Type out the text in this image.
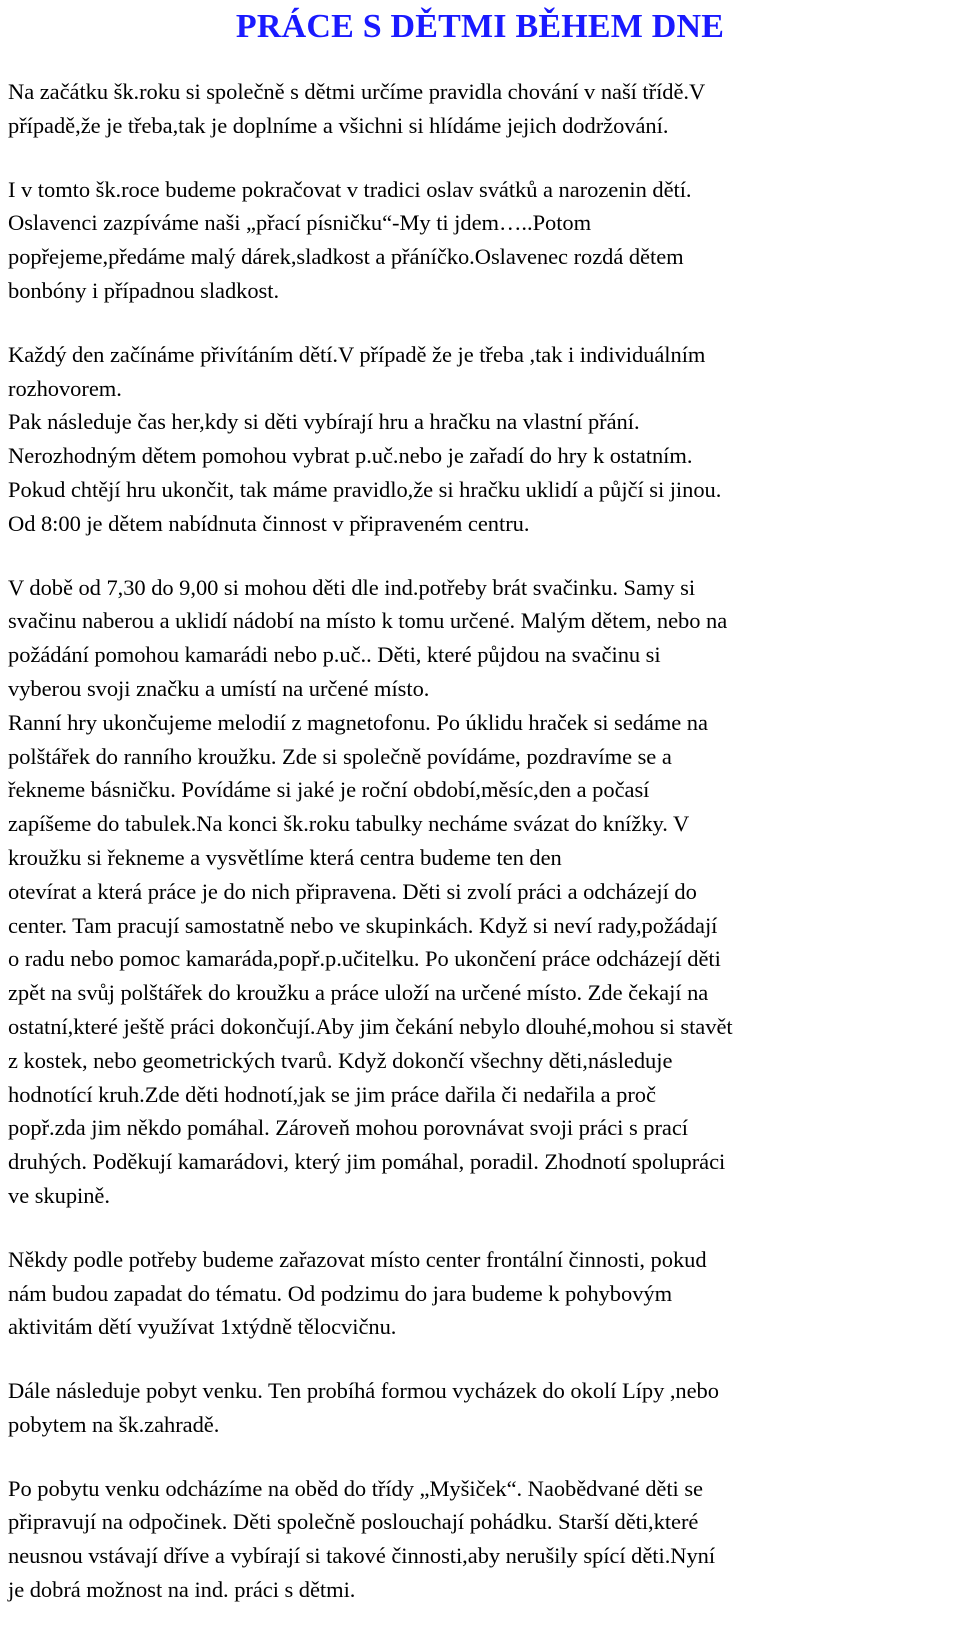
PRÁCE S DĚTMI BĚHEM DNE

Na začátku šk.roku si společně s dětmi určíme pravidla chování v naší třídě.V
případě,že je třeba,tak je doplníme a všichni si hlídáme jejich dodržování.

I v tomto šk.roce budeme pokračovat v tradici oslav svátků a narozenin dětí.
Oslavenci zazpíváme naši „přací písničku“-My ti jdem…..Potom
popřejeme,předáme malý dárek,sladkost a přáníčko.Oslavenec rozdá dětem
bonbóny i případnou sladkost.

Každý den začínáme přivítáním dětí.V případě že je třeba ,tak i individuálním
rozhovorem.
Pak následuje čas her,kdy si děti vybírají hru a hračku na vlastní přání.
Nerozhodným dětem pomohou vybrat p.uč.nebo je zařadí do hry k ostatním.
Pokud chtějí hru ukončit, tak máme pravidlo,že si hračku uklidí a půjčí si jinou.
Od 8:00 je dětem nabídnuta činnost v připraveném centru.

V době od 7,30 do 9,00 si mohou děti dle ind.potřeby brát svačinku. Samy si
svačinu naberou a uklidí nádobí na místo k tomu určené. Malým dětem, nebo na
požádání pomohou kamarádi nebo p.uč.. Děti, které půjdou na svačinu si
vyberou svoji značku a umístí na určené místo.
Ranní hry ukončujeme melodií z magnetofonu. Po úklidu hraček si sedáme na
polštářek do ranního kroužku. Zde si společně povídáme, pozdravíme se a
řekneme básničku. Povídáme si jaké je roční období,měsíc,den a počasí
zapíšeme do tabulek.Na konci šk.roku tabulky necháme svázat do knížky. V
kroužku si řekneme a vysvětlíme která centra budeme ten den
otevírat a která práce je do nich připravena. Děti si zvolí práci a odcházejí do
center. Tam pracují samostatně nebo ve skupinkách. Když si neví rady,požádají
o radu nebo pomoc kamaráda,popř.p.učitelku. Po ukončení práce odcházejí děti
zpět na svůj polštářek do kroužku a práce uloží na určené místo. Zde čekají na
ostatní,které ještě práci dokončují.Aby jim čekání nebylo dlouhé,mohou si stavět
z kostek, nebo geometrických tvarů. Když dokončí všechny děti,následuje
hodnotící kruh.Zde děti hodnotí,jak se jim práce dařila či nedařila a proč
popř.zda jim někdo pomáhal. Zároveň mohou porovnávat svoji práci s prací
druhých. Poděkují kamarádovi, který jim pomáhal, poradil. Zhodnotí spolupráci
ve skupině.

Někdy podle potřeby budeme zařazovat místo center frontální činnosti, pokud
nám budou zapadat do tématu. Od podzimu do jara budeme k pohybovým
aktivitám dětí využívat 1xtýdně tělocvičnu.

Dále následuje pobyt venku. Ten probíhá formou vycházek do okolí Lípy ,nebo
pobytem na šk.zahradě.

Po pobytu venku odcházíme na oběd do třídy „Myšiček“. Naobědvané děti se
připravují na odpočinek. Děti společně poslouchají pohádku. Starší děti,které
neusnou vstávají dříve a vybírají si takové činnosti,aby nerušily spící děti.Nyní
je dobrá možnost na ind. práci s dětmi.
